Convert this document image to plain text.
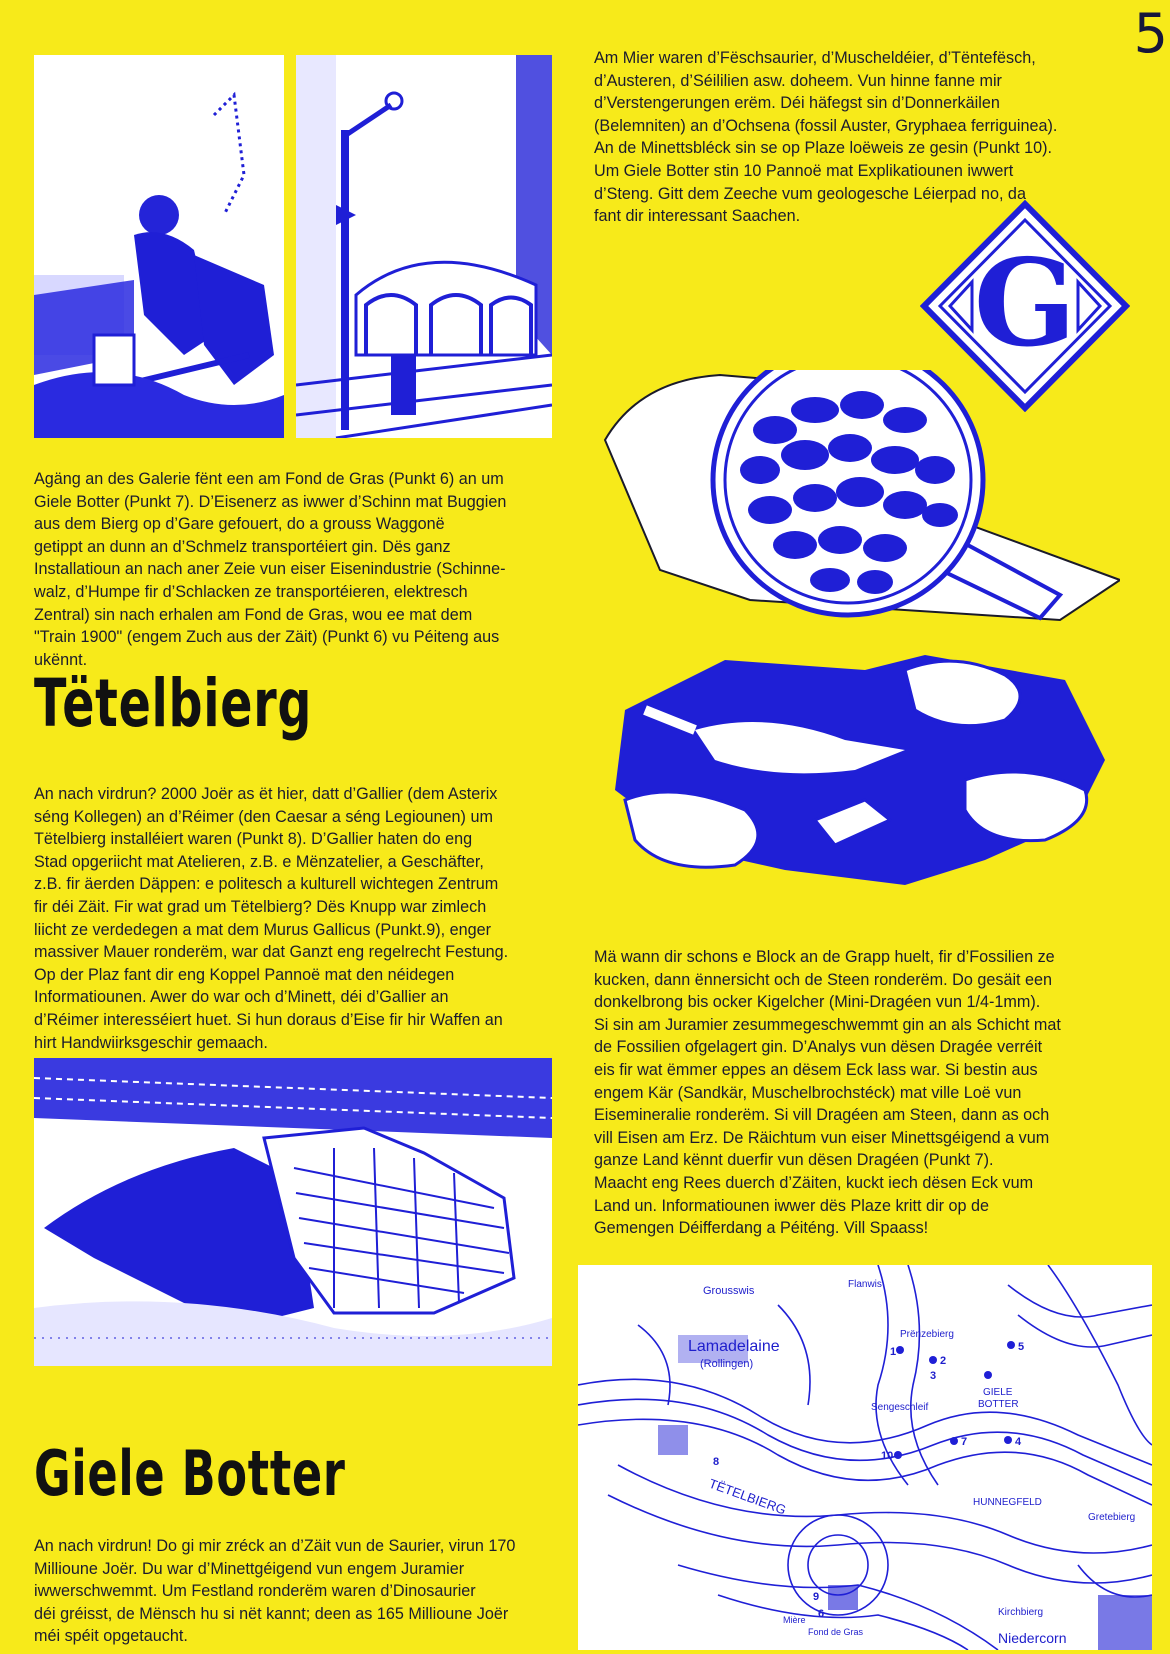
5
Am Mier waren d’Fëschsaurier, d’Muscheldéier, d’Tëntefësch,
d’Austeren, d’Séililien asw. doheem. Vun hinne fanne mir
d’Verstengerungen erëm. Déi häfegst sin d’Donnerkäilen
(Belemniten) an d’Ochsena (fossil Auster, Gryphaea ferriguinea).
An de Minettsbléck sin se op Plaze loëweis ze gesin (Punkt 10).
Um Giele Botter stin 10 Pannoë mat Explikatiounen iwwert
d’Steng. Gitt dem Zeeche vum geologesche Léierpad no, da
fant dir interessant Saachen.
G
Agäng an des Galerie fënt een am Fond de Gras (Punkt 6) an um
Giele Botter (Punkt 7). D’Eisenerz as iwwer d’Schinn mat Buggien
aus dem Bierg op d’Gare gefouert, do a grouss Waggonë
getippt an dunn an d’Schmelz transportéiert gin. Dës ganz
Installatioun an nach aner Zeie vun eiser Eisenindustrie (Schinne-
walz, d’Humpe fir d’Schlacken ze transportéieren, elektresch
Zentral) sin nach erhalen am Fond de Gras, wou ee mat dem
"Train 1900" (engem Zuch aus der Zäit) (Punkt 6) vu Péiteng aus
ukënnt.
Tëtelbierg
An nach virdrun? 2000 Joër as ët hier, datt d’Gallier (dem Asterix
séng Kollegen) an d’Réimer (den Caesar a séng Legiounen) um
Tëtelbierg installéiert waren (Punkt 8). D’Gallier haten do eng
Stad opgeriicht mat Atelieren, z.B. e Mënzatelier, a Geschäfter,
z.B. fir äerden Däppen: e politesch a kulturell wichtegen Zentrum
fir déi Zäit. Fir wat grad um Tëtelbierg? Dës Knupp war zimlech
liicht ze verdedegen a mat dem Murus Gallicus (Punkt.9), enger
massiver Mauer ronderëm, war dat Ganzt eng regelrecht Festung.
Op der Plaz fant dir eng Koppel Pannoë mat den néidegen
Informatiounen. Awer do war och d’Minett, déi d’Gallier an
d’Réimer interesséiert huet. Si hun doraus d’Eise fir hir Waffen an
hirt Handwiirksgeschir gemaach.
Mä wann dir schons e Block an de Grapp huelt, fir d’Fossilien ze
kucken, dann ënnersicht och de Steen ronderëm. Do gesäit een
donkelbrong bis ocker Kigelcher (Mini-Dragéen vun 1/4-1mm).
Si sin am Juramier zesummegeschwemmt gin an als Schicht mat
de Fossilien ofgelagert gin. D’Analys vun dësen Dragée verréit
eis fir wat ëmmer eppes an dësem Eck lass war. Si bestin aus
engem Kär (Sandkär, Muschelbrochstéck) mat ville Loë vun
Eisemineralie ronderëm. Si vill Dragéen am Steen, dann as och
vill Eisen am Erz. De Räichtum vun eiser Minettsgéigend a vum
ganze Land kënnt duerfir vun dësen Dragéen (Punkt 7).
Maacht eng Rees duerch d’Zäiten, kuckt iech dësen Eck vum
Land un. Informatiounen iwwer dës Plaze kritt dir op de
Gemengen Déifferdang a Péiténg. Vill Spaass!
Giele Botter
An nach virdrun! Do gi mir zréck an d’Zäit vun de Saurier, virun 170
Millioune Joër. Du war d’Minettgéigend vun engem Juramier
iwwerschwemmt. Um Festland ronderëm waren d’Dinosaurier
déi gréisst, de Mënsch hu si nët kannt; deen as 165 Millioune Joër
méi spéit opgetaucht.
Grousswis
Lamadelaine
(Rollingen)
Prënzebierg
Sengeschleif
GIELE
BOTTER
HUNNEGFELD
Gretebierg
TËTELBIERG
Kirchbierg
Niedercorn
Fond de Gras
Mière
Flanwis
1
2
3
4
5
6
7
8
9
10
